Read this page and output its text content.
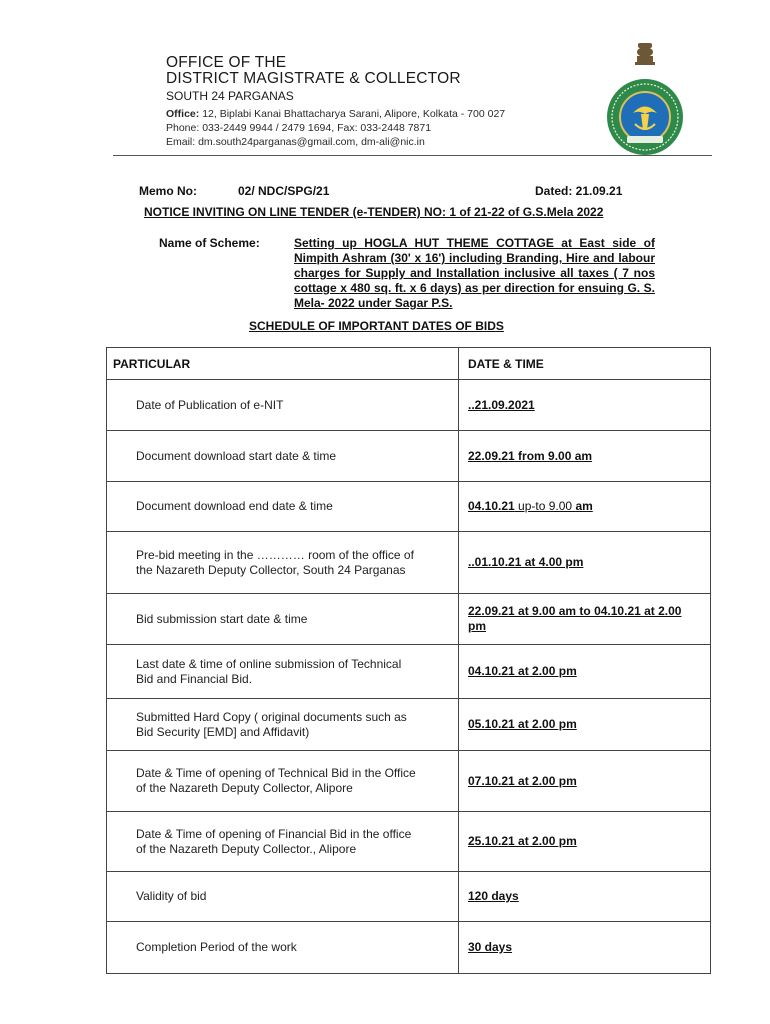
OFFICE OF THE
DISTRICT MAGISTRATE & COLLECTOR
SOUTH 24 PARGANAS
Office: 12, Biplabi Kanai Bhattacharya Sarani, Alipore, Kolkata - 700 027
Phone: 033-2449 9944 / 2479 1694, Fax: 033-2448 7871
Email: dm.south24parganas@gmail.com, dm-ali@nic.in
Memo No:	02/ NDC/SPG/21	Dated: 21.09.21
NOTICE INVITING ON LINE TENDER (e-TENDER) NO: 1 of 21-22 of G.S.Mela 2022
Name of Scheme:	Setting up HOGLA HUT THEME COTTAGE at East side of Nimpith Ashram (30' x 16') including Branding, Hire and labour charges for Supply and Installation inclusive all taxes ( 7 nos cottage x 480 sq. ft. x 6 days) as per direction for ensuing G. S. Mela- 2022 under Sagar P.S.
SCHEDULE OF IMPORTANT DATES OF BIDS
PARTICULAR	DATE & TIME
Date of Publication of e-NIT	..21.09.2021
Document download start date & time	22.09.21 from 9.00 am
Document download end date & time	04.10.21 up-to 9.00 am
Pre-bid meeting in the ………… room of the office of the Nazareth Deputy Collector, South 24 Parganas	..01.10.21 at 4.00 pm
Bid submission start date & time	22.09.21 at 9.00 am to 04.10.21 at 2.00 pm
Last date & time of online submission of Technical Bid and Financial Bid.	04.10.21 at 2.00 pm
Submitted Hard Copy ( original documents such as Bid Security [EMD] and Affidavit)	05.10.21 at 2.00 pm
Date & Time of opening of Technical Bid in the Office of the Nazareth Deputy Collector, Alipore	07.10.21 at 2.00 pm
Date & Time of opening of Financial Bid in the office of the Nazareth Deputy Collector., Alipore	25.10.21 at 2.00 pm
Validity of bid	120 days
Completion Period of the work	30 days
